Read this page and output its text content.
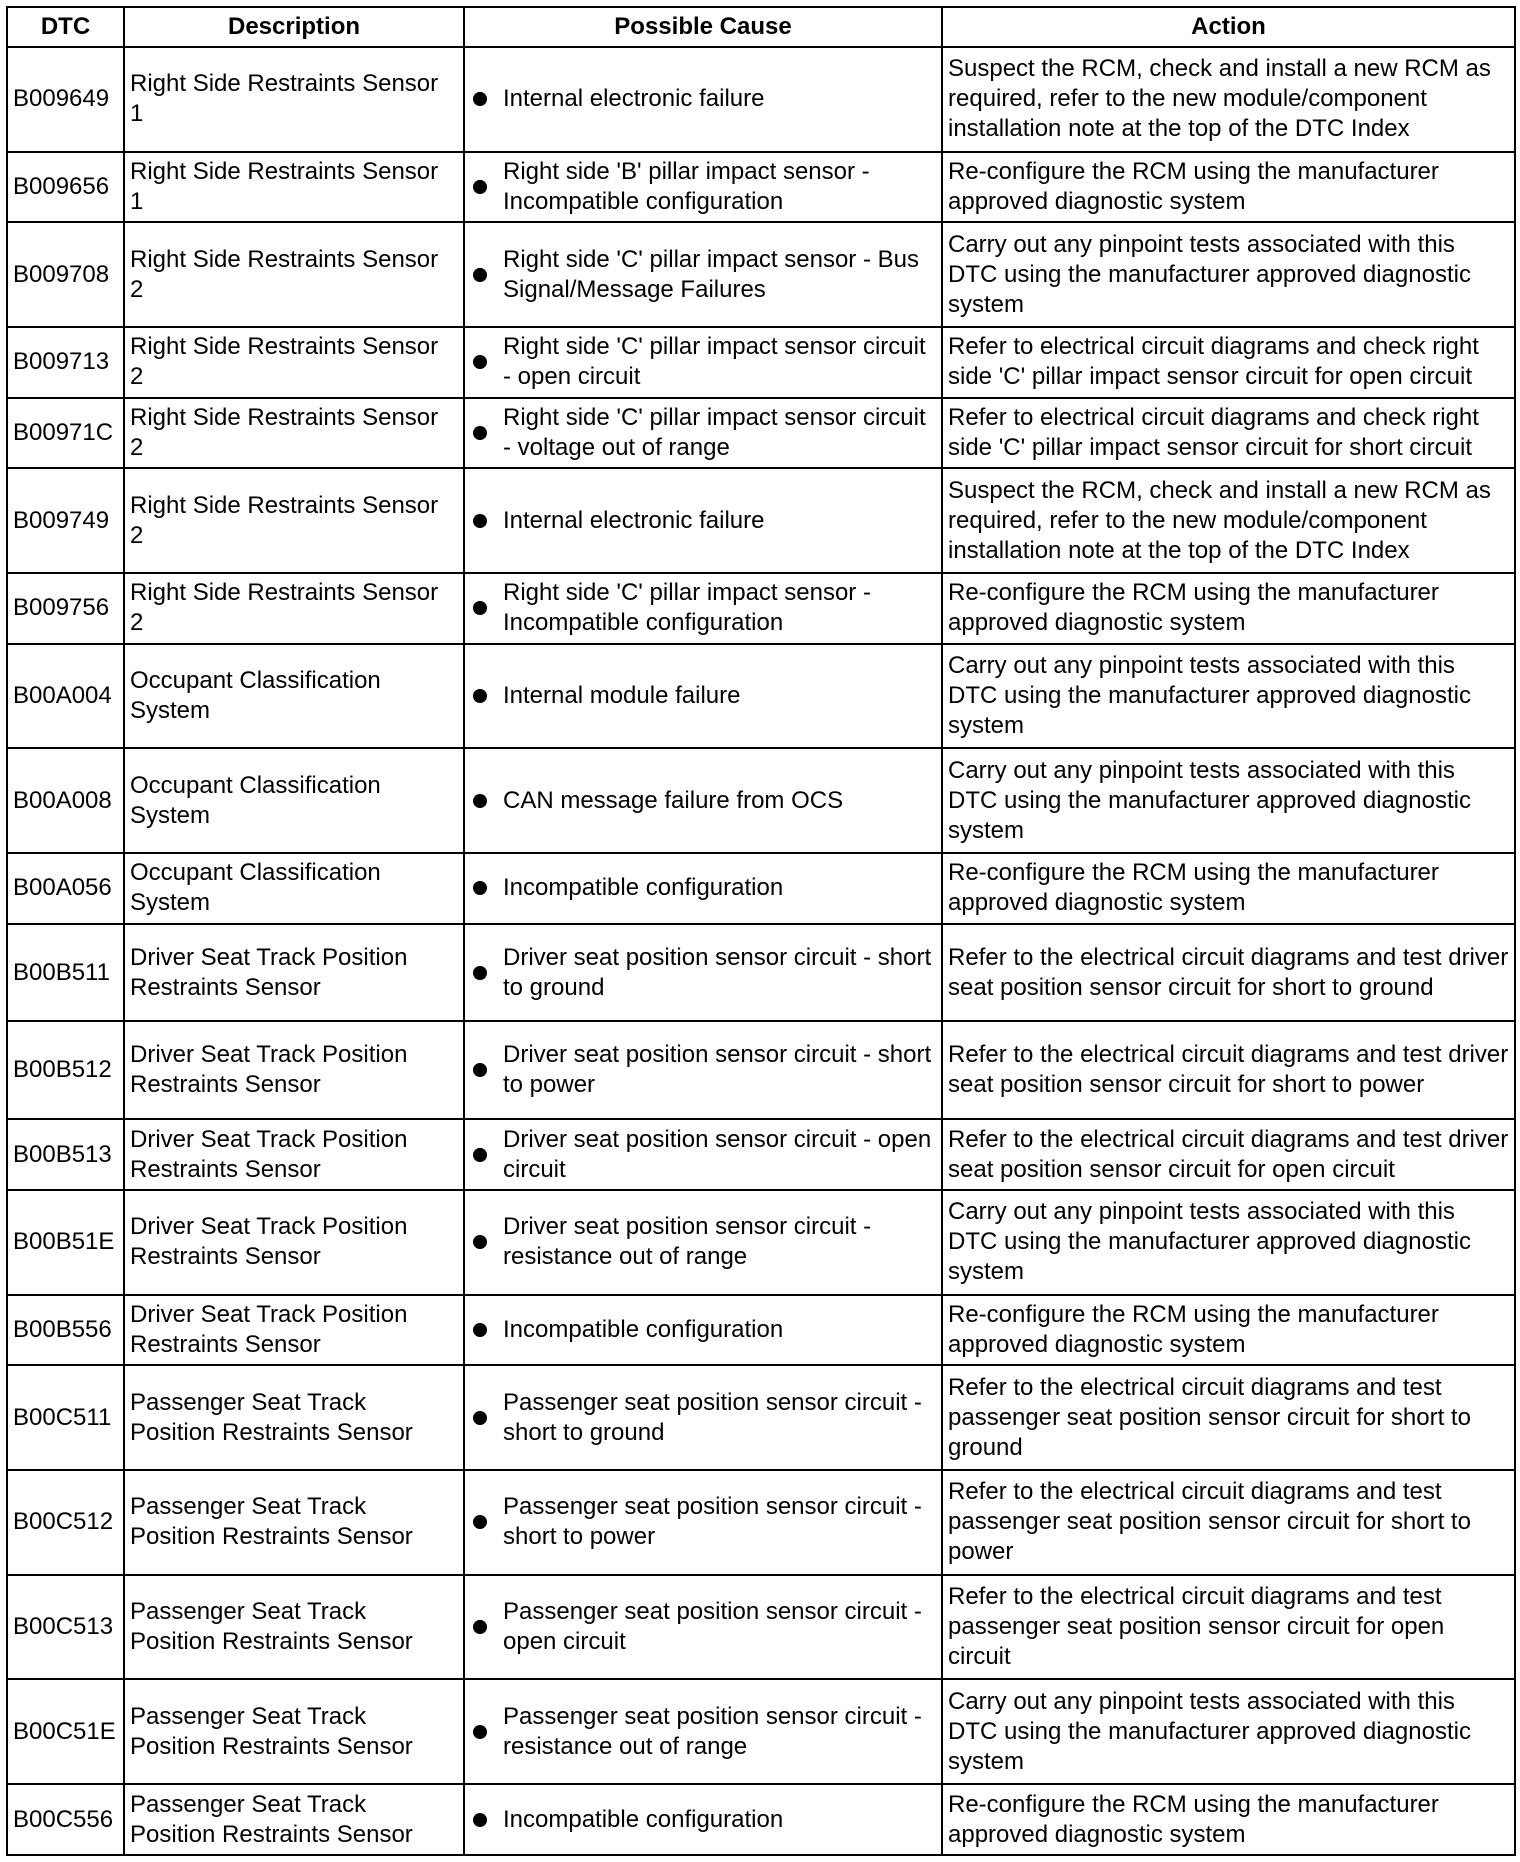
DTC	Description	Possible Cause	Action
B009649	Right Side Restraints Sensor 1	Internal electronic failure	Suspect the RCM, check and install a new RCM as required, refer to the new module/component installation note at the top of the DTC Index
B009656	Right Side Restraints Sensor 1	Right side 'B' pillar impact sensor - Incompatible configuration	Re-configure the RCM using the manufacturer approved diagnostic system
B009708	Right Side Restraints Sensor 2	Right side 'C' pillar impact sensor - Bus Signal/Message Failures	Carry out any pinpoint tests associated with this DTC using the manufacturer approved diagnostic system
B009713	Right Side Restraints Sensor 2	Right side 'C' pillar impact sensor circuit - open circuit	Refer to electrical circuit diagrams and check right side 'C' pillar impact sensor circuit for open circuit
B00971C	Right Side Restraints Sensor 2	Right side 'C' pillar impact sensor circuit - voltage out of range	Refer to electrical circuit diagrams and check right side 'C' pillar impact sensor circuit for short circuit
B009749	Right Side Restraints Sensor 2	Internal electronic failure	Suspect the RCM, check and install a new RCM as required, refer to the new module/component installation note at the top of the DTC Index
B009756	Right Side Restraints Sensor 2	Right side 'C' pillar impact sensor - Incompatible configuration	Re-configure the RCM using the manufacturer approved diagnostic system
B00A004	Occupant Classification System	Internal module failure	Carry out any pinpoint tests associated with this DTC using the manufacturer approved diagnostic system
B00A008	Occupant Classification System	CAN message failure from OCS	Carry out any pinpoint tests associated with this DTC using the manufacturer approved diagnostic system
B00A056	Occupant Classification System	Incompatible configuration	Re-configure the RCM using the manufacturer approved diagnostic system
B00B511	Driver Seat Track Position Restraints Sensor	Driver seat position sensor circuit - short to ground	Refer to the electrical circuit diagrams and test driver seat position sensor circuit for short to ground
B00B512	Driver Seat Track Position Restraints Sensor	Driver seat position sensor circuit - short to power	Refer to the electrical circuit diagrams and test driver seat position sensor circuit for short to power
B00B513	Driver Seat Track Position Restraints Sensor	Driver seat position sensor circuit - open circuit	Refer to the electrical circuit diagrams and test driver seat position sensor circuit for open circuit
B00B51E	Driver Seat Track Position Restraints Sensor	Driver seat position sensor circuit - resistance out of range	Carry out any pinpoint tests associated with this DTC using the manufacturer approved diagnostic system
B00B556	Driver Seat Track Position Restraints Sensor	Incompatible configuration	Re-configure the RCM using the manufacturer approved diagnostic system
B00C511	Passenger Seat Track Position Restraints Sensor	Passenger seat position sensor circuit - short to ground	Refer to the electrical circuit diagrams and test passenger seat position sensor circuit for short to ground
B00C512	Passenger Seat Track Position Restraints Sensor	Passenger seat position sensor circuit - short to power	Refer to the electrical circuit diagrams and test passenger seat position sensor circuit for short to power
B00C513	Passenger Seat Track Position Restraints Sensor	Passenger seat position sensor circuit - open circuit	Refer to the electrical circuit diagrams and test passenger seat position sensor circuit for open circuit
B00C51E	Passenger Seat Track Position Restraints Sensor	Passenger seat position sensor circuit - resistance out of range	Carry out any pinpoint tests associated with this DTC using the manufacturer approved diagnostic system
B00C556	Passenger Seat Track Position Restraints Sensor	Incompatible configuration	Re-configure the RCM using the manufacturer approved diagnostic system
